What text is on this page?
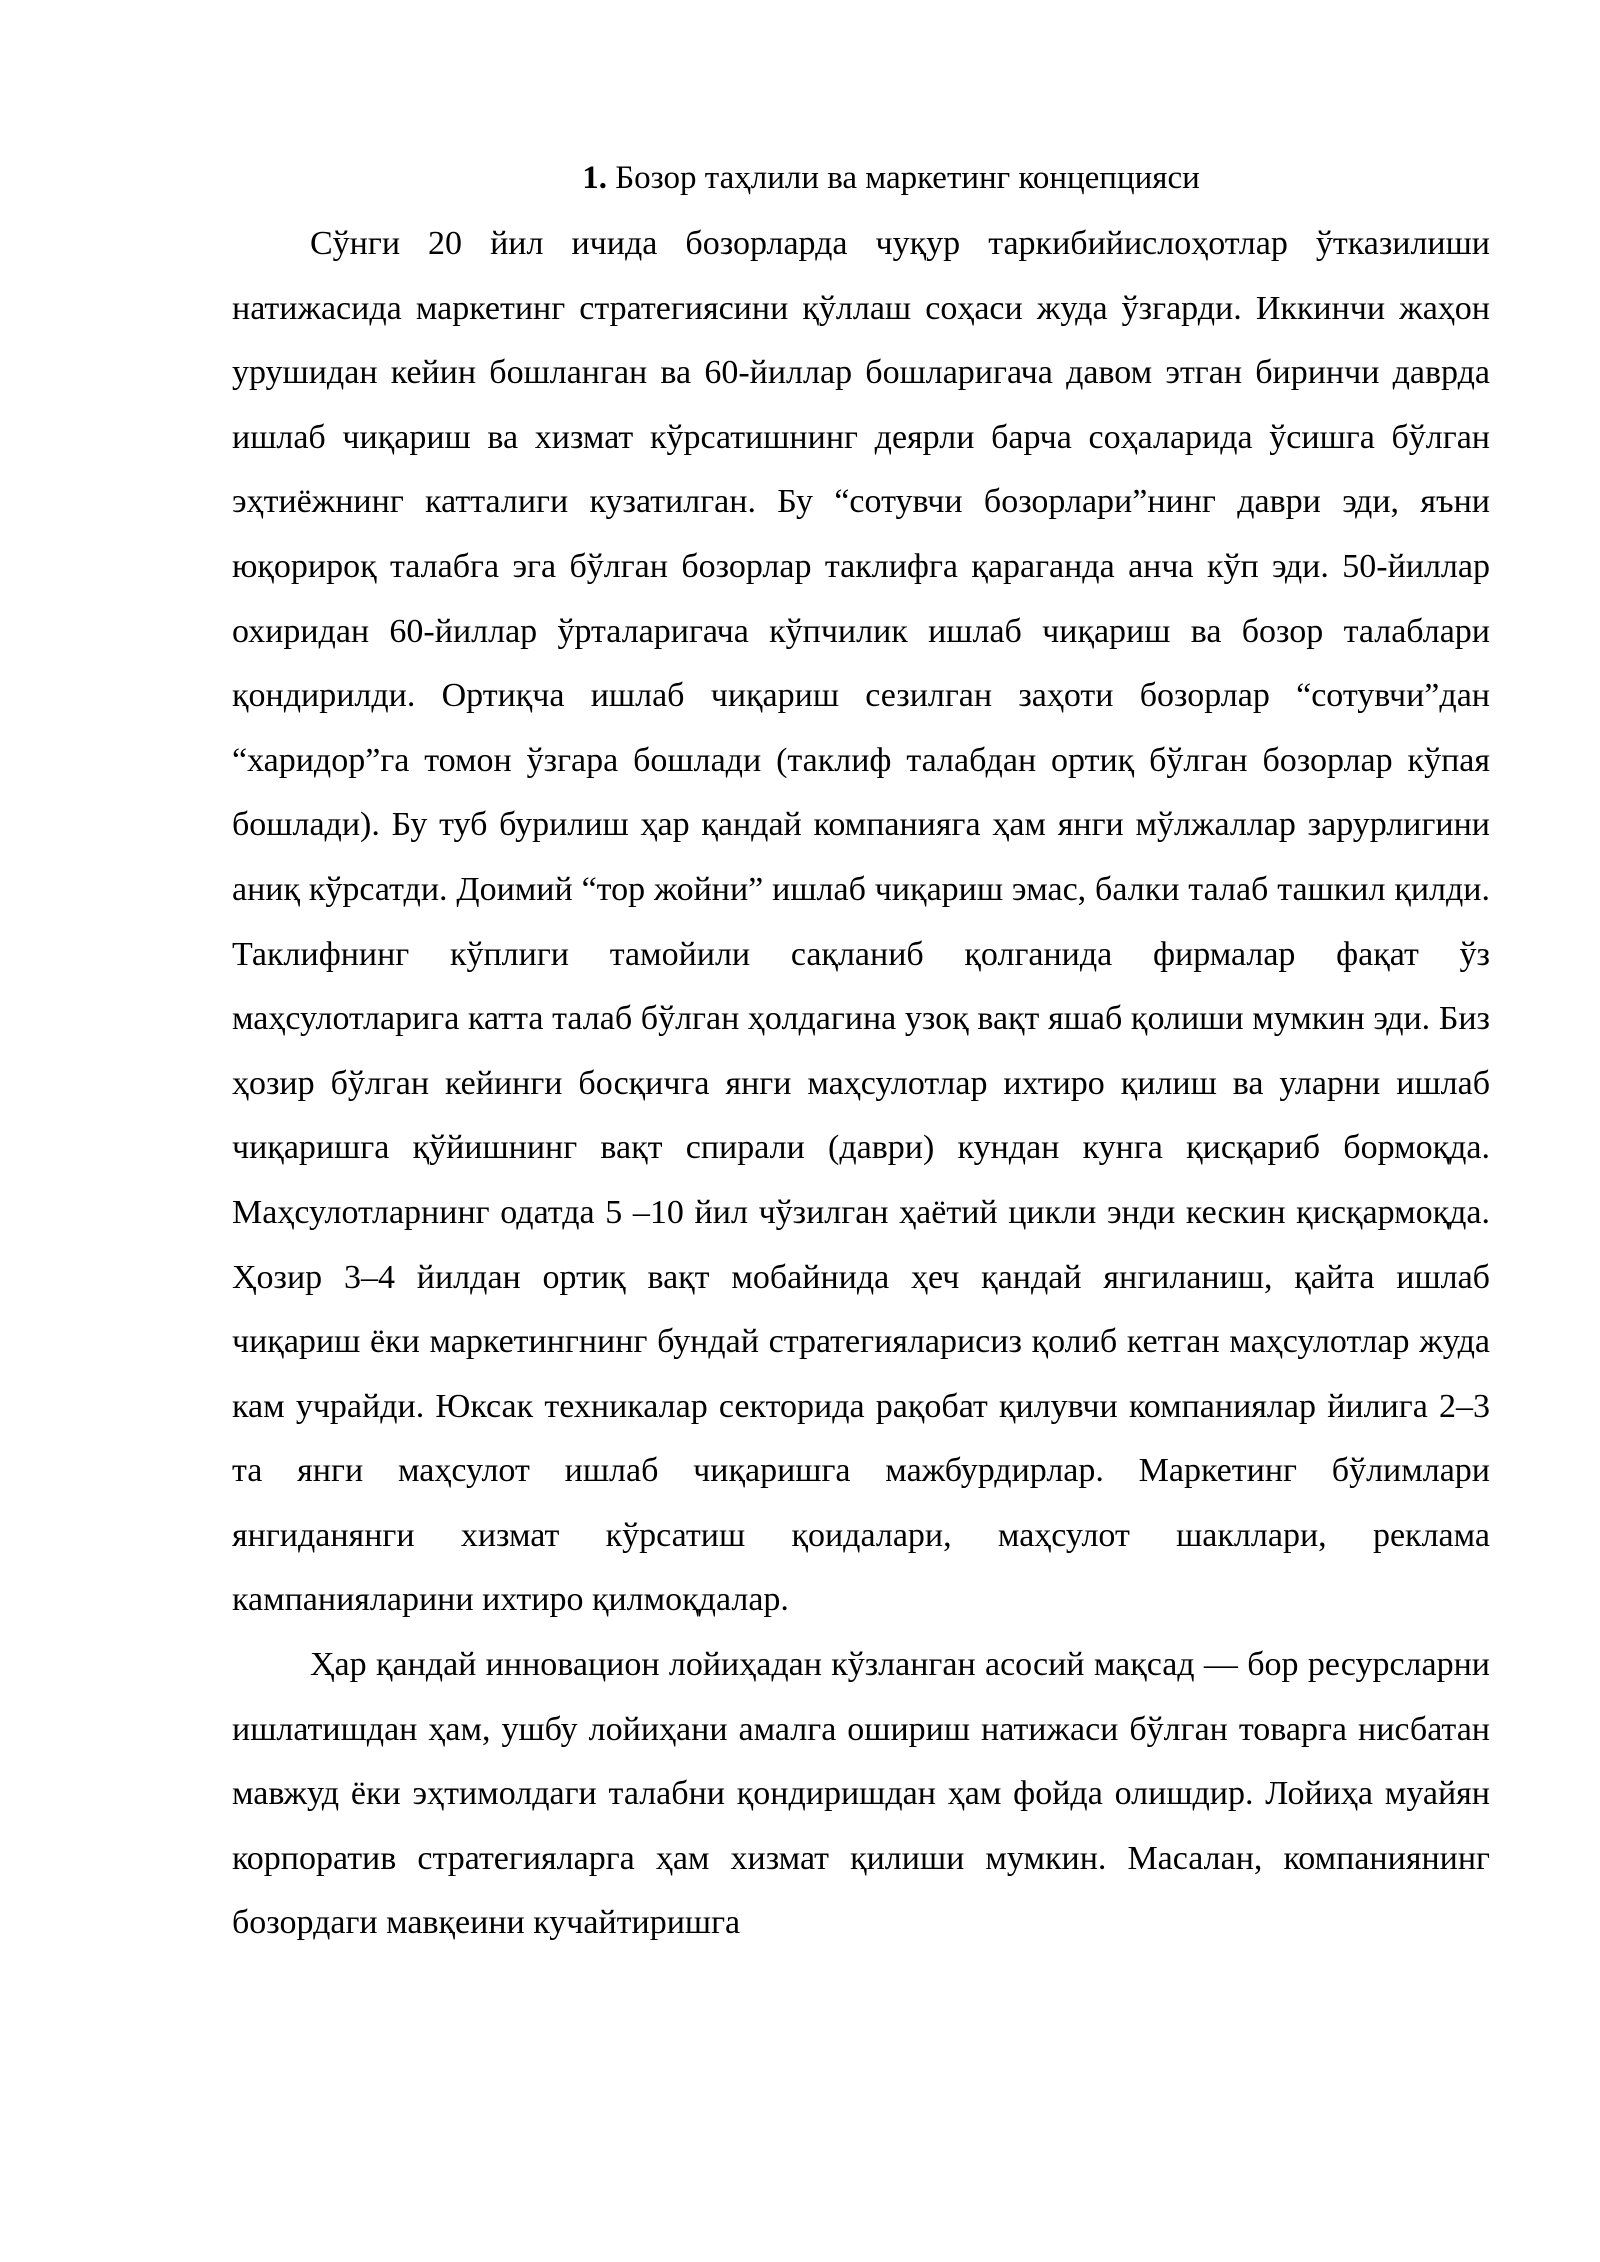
1. Бозор таҳлили ва маркетинг концепцияси

Сўнги 20 йил ичида бозорларда чуқур таркибийислоҳотлар ўтказилиши натижасида маркетинг стратегиясини қўллаш соҳаси жуда ўзгарди. Иккинчи жаҳон урушидан кейин бошланган ва 60-йиллар бошларигача давом этган биринчи даврда ишлаб чиқариш ва хизмат кўрсатишнинг деярли барча соҳаларида ўсишга бўлган эҳтиёжнинг катталиги кузатилган. Бу “сотувчи бозорлари”нинг даври эди, яъни юқорироқ талабга эга бўлган бозорлар таклифга қараганда анча кўп эди. 50-йиллар охиридан 60-йиллар ўрталаригача кўпчилик ишлаб чиқариш ва бозор талаблари қондирилди. Ортиқча ишлаб чиқариш сезилган заҳоти бозорлар “сотувчи”дан “харидор”га томон ўзгара бошлади (таклиф талабдан ортиқ бўлган бозорлар кўпая бошлади). Бу туб бурилиш ҳар қандай компанияга ҳам янги мўлжаллар зарурлигини аниқ кўрсатди. Доимий “тор жойни” ишлаб чиқариш эмас, балки талаб ташкил қилди. Таклифнинг кўплиги тамойили сақланиб қолганида фирмалар фақат ўз маҳсулотларига катта талаб бўлган ҳолдагина узоқ вақт яшаб қолиши мумкин эди. Биз ҳозир бўлган кейинги босқичга янги маҳсулотлар ихтиро қилиш ва уларни ишлаб чиқаришга қўйишнинг вақт спирали (даври) кундан кунга қисқариб бормоқда. Маҳсулотларнинг одатда 5 –10 йил чўзилган ҳаётий цикли энди кескин қисқармоқда. Ҳозир 3–4 йилдан ортиқ вақт мобайнида ҳеч қандай янгиланиш, қайта ишлаб чиқариш ёки маркетингнинг бундай стратегияларисиз қолиб кетган маҳсулотлар жуда кам учрайди. Юксак техникалар секторида рақобат қилувчи компаниялар йилига 2–3 та янги маҳсулот ишлаб чиқаришга мажбурдирлар. Маркетинг бўлимлари янгиданянги хизмат кўрсатиш қоидалари, маҳсулот шакллари, реклама кампанияларини ихтиро қилмоқдалар.

Ҳар қандай инновацион лойиҳадан кўзланган асосий мақсад — бор ресурсларни ишлатишдан ҳам, ушбу лойиҳани амалга ошириш натижаси бўлган товарга нисбатан мавжуд ёки эҳтимолдаги талабни қондиришдан ҳам фойда олишдир. Лойиҳа муайян корпоратив стратегияларга ҳам хизмат қилиши мумкин. Масалан, компаниянинг бозордаги мавқеини кучайтиришга
